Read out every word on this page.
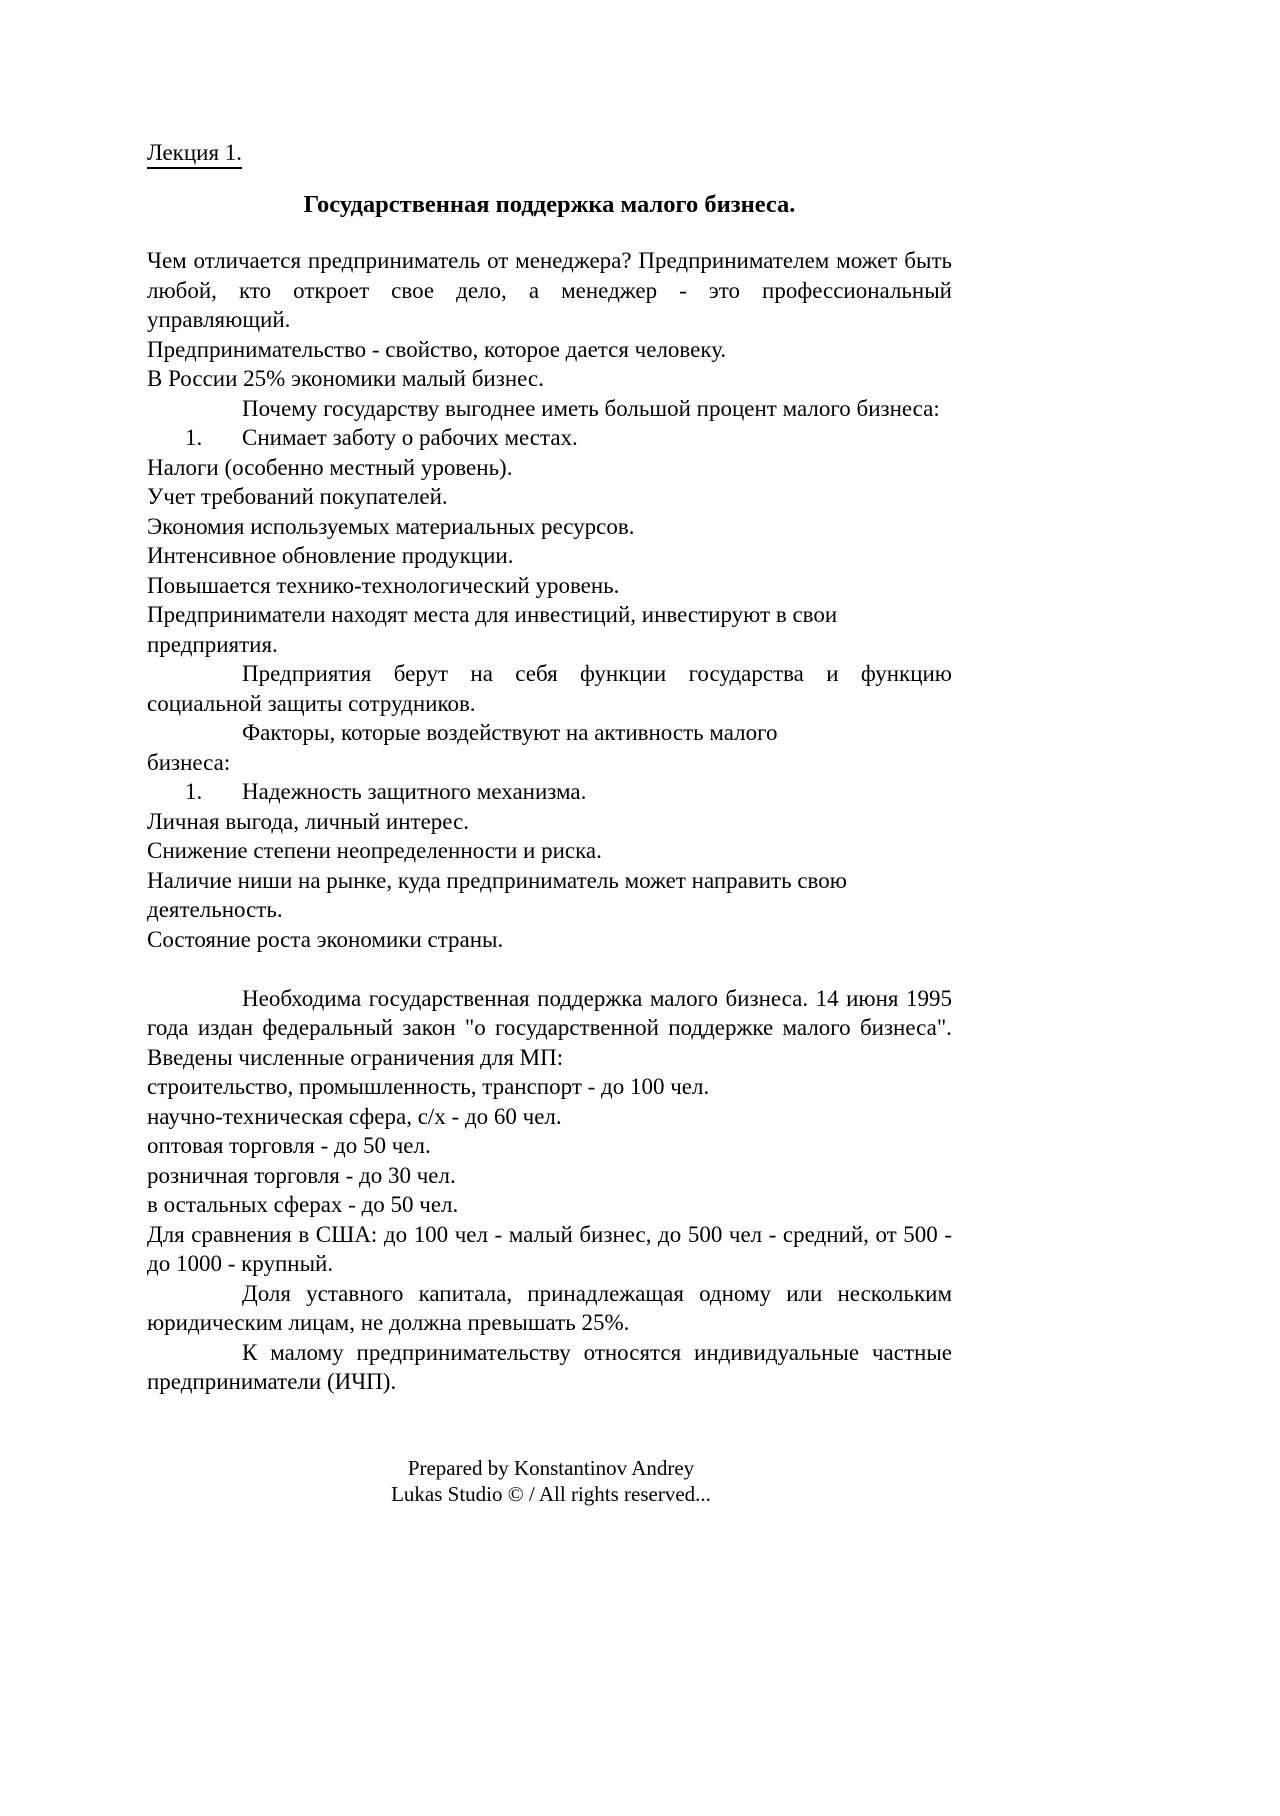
Лекция 1.
Государственная поддержка малого бизнеса.

Чем отличается предприниматель от менеджера? Предпринимателем может быть любой, кто откроет свое дело, а менеджер - это профессиональный управляющий.

Предпринимательство - свойство, которое дается человеку.

В России 25% экономики малый бизнес.

Почему государству выгоднее иметь большой процент малого бизнеса:

1.	Снимает заботу о рабочих местах.

Налоги (особенно местный уровень).

Учет требований покупателей.

Экономия используемых материальных ресурсов.

Интенсивное обновление продукции.

Повышается технико-технологический уровень.

Предприниматели находят места для инвестиций, инвестируют в свои предприятия.

Предприятия берут на себя функции государства и функцию социальной защиты сотрудников.

Факторы, которые воздействуют на активность малого бизнеса:

1.	Надежность защитного механизма.

Личная выгода, личный интерес.

Снижение степени неопределенности и риска.

Наличие ниши на рынке, куда предприниматель может направить свою деятельность.

Состояние роста экономики страны.

Необходима государственная поддержка малого бизнеса. 14 июня 1995 года издан федеральный закон "о государственной поддержке малого бизнеса". Введены численные ограничения для МП:

строительство, промышленность, транспорт - до 100 чел.

научно-техническая сфера, с/х - до 60 чел.

оптовая торговля - до 50 чел.

розничная торговля - до 30 чел.

в остальных сферах - до 50 чел.

Для сравнения в США: до 100 чел - малый бизнес, до 500 чел - средний, от 500 - до 1000 - крупный.

Доля уставного капитала, принадлежащая одному или нескольким юридическим лицам, не должна превышать 25%.

К малому предпринимательству относятся индивидуальные частные предприниматели (ИЧП).

Prepared by Konstantinov Andrey
Lukas Studio © / All rights reserved...
